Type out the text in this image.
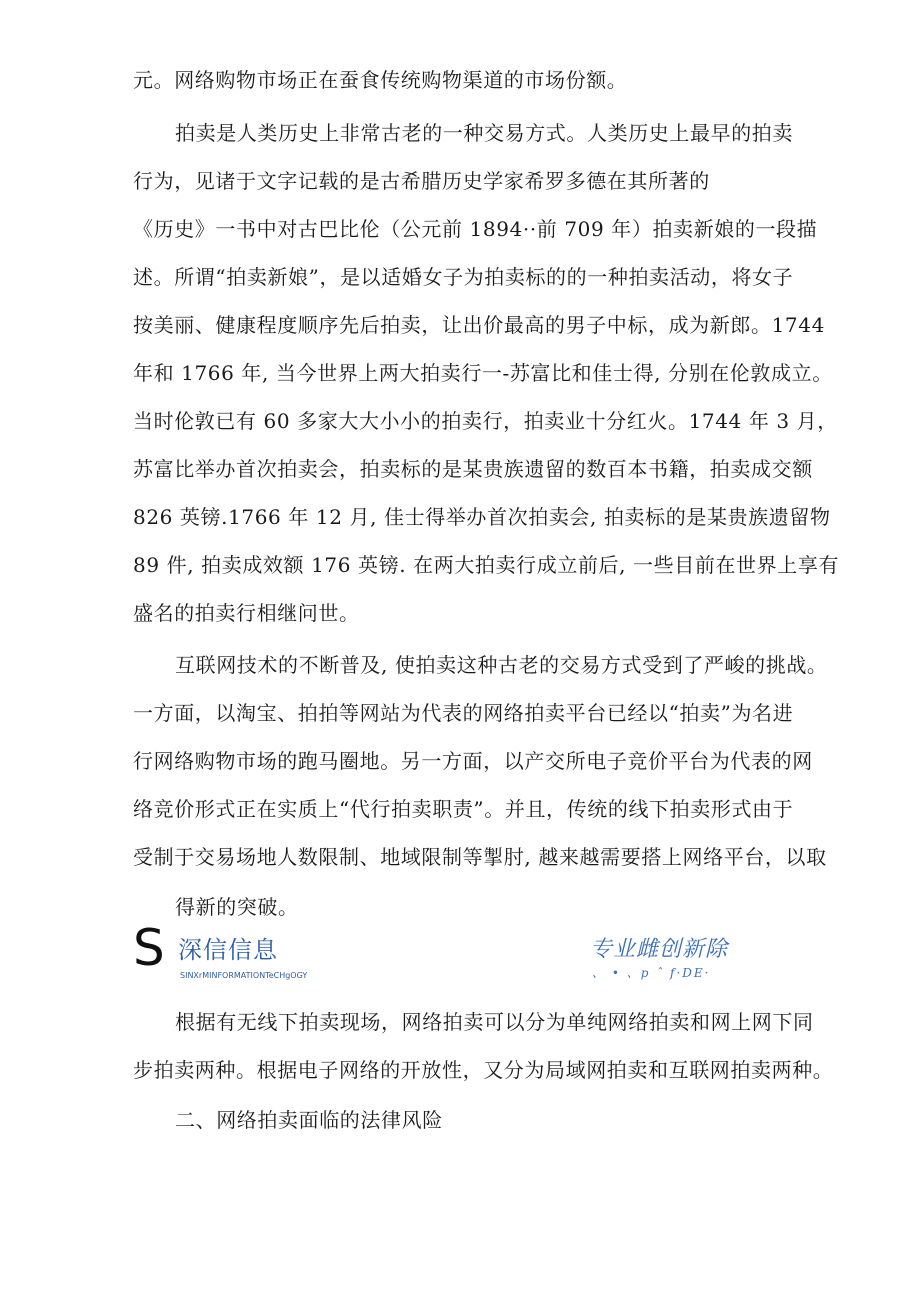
元。网络购物市场正在蚕食传统购物渠道的市场份额。
拍卖是人类历史上非常古老的一种交易方式。人类历史上最早的拍卖
行为，见诸于文字记载的是古希腊历史学家希罗多德在其所著的
《历史》一书中对古巴比伦（公元前 1894··前 709 年）拍卖新娘的一段描
述。所谓“拍卖新娘”，是以适婚女子为拍卖标的的一种拍卖活动，将女子
按美丽、健康程度顺序先后拍卖，让出价最高的男子中标，成为新郎。1744
年和 1766 年, 当今世界上两大拍卖行一-苏富比和佳士得, 分别在伦敦成立。
当时伦敦已有 60 多家大大小小的拍卖行，拍卖业十分红火。1744 年 3 月，
苏富比举办首次拍卖会，拍卖标的是某贵族遗留的数百本书籍，拍卖成交额
826 英镑.1766 年 12 月, 佳士得举办首次拍卖会, 拍卖标的是某贵族遗留物
89 件, 拍卖成效额 176 英镑. 在两大拍卖行成立前后, 一些目前在世界上享有
盛名的拍卖行相继问世。
互联网技术的不断普及, 使拍卖这种古老的交易方式受到了严峻的挑战。
一方面，以淘宝、拍拍等网站为代表的网络拍卖平台已经以“拍卖”为名进
行网络购物市场的跑马圈地。另一方面，以产交所电子竞价平台为代表的网
络竞价形式正在实质上“代行拍卖职责”。并且，传统的线下拍卖形式由于
受制于交易场地人数限制、地域限制等掣肘, 越来越需要搭上网络平台，以取
得新的突破。
S 深信信息
SINXrMINFORMATIONTeCHgOGY
专业雌创新除
、 • 、p ˆ f·DE·
根据有无线下拍卖现场，网络拍卖可以分为单纯网络拍卖和网上网下同
步拍卖两种。根据电子网络的开放性，又分为局域网拍卖和互联网拍卖两种。
二、网络拍卖面临的法律风险
